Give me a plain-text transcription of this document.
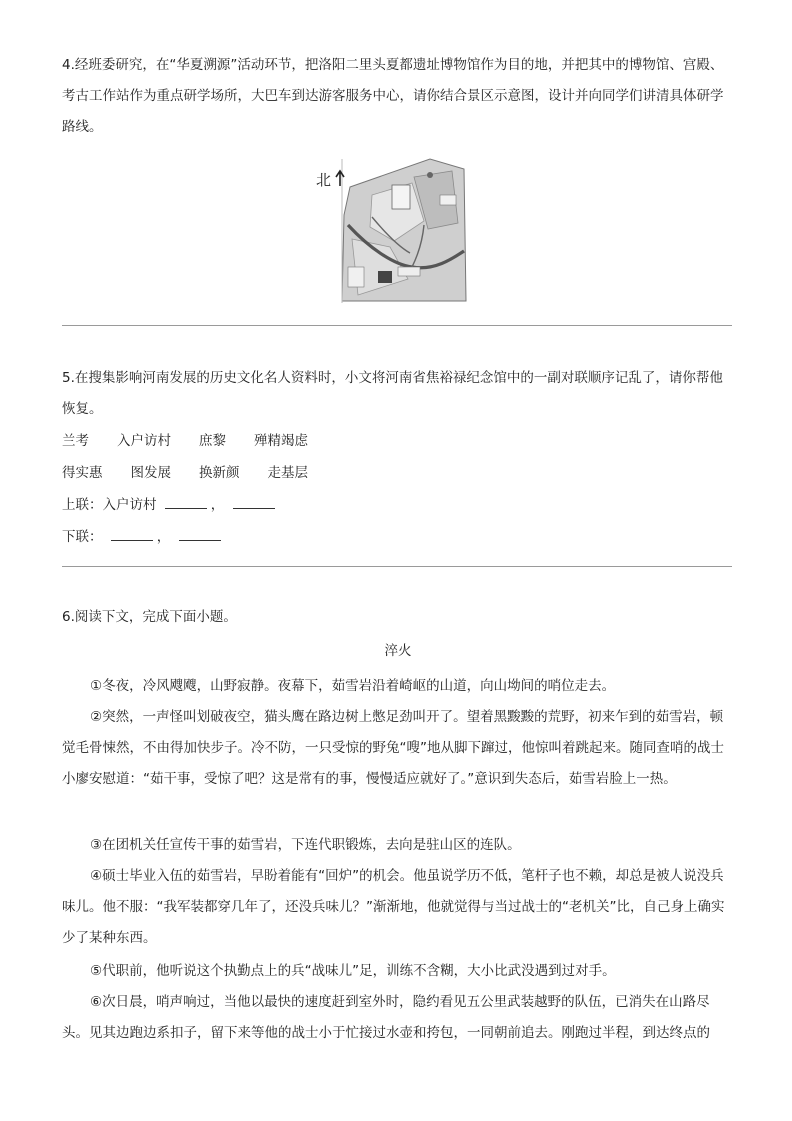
4.经班委研究，在“华夏溯源”活动环节，把洛阳二里头夏都遗址博物馆作为目的地，并把其中的博物馆、宫殿、考古工作站作为重点研学场所，大巴车到达游客服务中心，请你结合景区示意图，设计并向同学们讲清具体研学路线。

北

5.在搜集影响河南发展的历史文化名人资料时，小文将河南省焦裕禄纪念馆中的一副对联顺序记乱了，请你帮他恢复。

兰考 入户访村 庶黎 殚精竭虑
得实惠 图发展 换新颜 走基层
上联：入户访村	，
下联：	，

6.阅读下文，完成下面小题。

淬火

①冬夜，冷风飕飕，山野寂静。夜幕下，茹雪岩沿着崎岖的山道，向山坳间的哨位走去。

②突然，一声怪叫划破夜空，猫头鹰在路边树上憋足劲叫开了。望着黑黢黢的荒野，初来乍到的茹雪岩，顿觉毛骨悚然，不由得加快步子。冷不防，一只受惊的野兔“嗖”地从脚下蹿过，他惊叫着跳起来。随同查哨的战士小廖安慰道：“茹干事，受惊了吧？这是常有的事，慢慢适应就好了。”意识到失态后，茹雪岩脸上一热。

③在团机关任宣传干事的茹雪岩，下连代职锻炼，去向是驻山区的连队。

④硕士毕业入伍的茹雪岩，早盼着能有“回炉”的机会。他虽说学历不低，笔杆子也不赖，却总是被人说没兵味儿。他不服：“我军装都穿几年了，还没兵味儿？”渐渐地，他就觉得与当过战士的“老机关”比，自己身上确实少了某种东西。

⑤代职前，他听说这个执勤点上的兵“战味儿”足，训练不含糊，大小比武没遇到过对手。

⑥次日晨，哨声响过，当他以最快的速度赶到室外时，隐约看见五公里武装越野的队伍，已消失在山路尽头。见其边跑边系扣子，留下来等他的战士小于忙接过水壶和挎包，一同朝前追去。刚跑过半程，到达终点的
